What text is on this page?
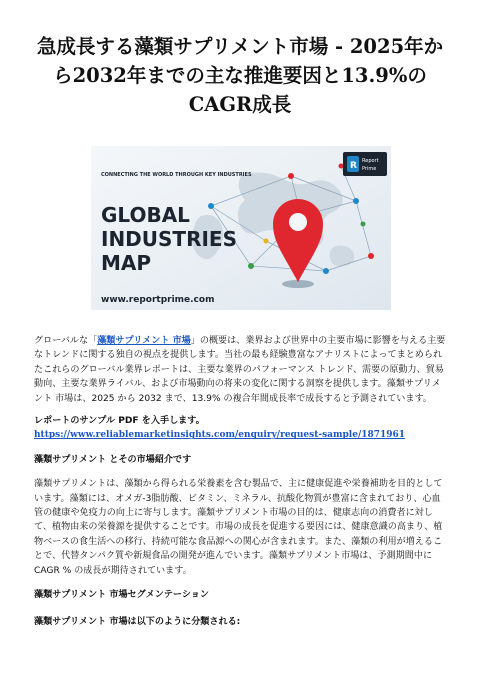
急成長する藻類サプリメント市場 - 2025年から2032年までの主な推進要因と13.9%のCAGR成長
CONNECTING THE WORLD THROUGH KEY INDUSTRIES
GLOBAL
INDUSTRIES
MAP
www.reportprime.com
R Report
Prime

グローバルな「藻類サプリメント 市場」の概要は、業界および世界中の主要市場に影響を与える主要なトレンドに関する独自の視点を提供します。当社の最も経験豊富なアナリストによってまとめられたこれらのグローバル業界レポートは、主要な業界のパフォーマンス トレンド、需要の原動力、貿易動向、主要な業界ライバル、および市場動向の将来の変化に関する洞察を提供します。藻類サプリメント 市場は、2025 から 2032 まで、13.9% の複合年間成長率で成長すると予測されています。

レポートのサンプル PDF を入手します。

https://www.reliablemarketinsights.com/enquiry/request-sample/1871961

藻類サプリメント とその市場紹介です

藻類サプリメントは、藻類から得られる栄養素を含む製品で、主に健康促進や栄養補助を目的としています。藻類には、オメガ-3脂肪酸、ビタミン、ミネラル、抗酸化物質が豊富に含まれており、心血管の健康や免疫力の向上に寄与します。藻類サプリメント市場の目的は、健康志向の消費者に対して、植物由来の栄養源を提供することです。市場の成長を促進する要因には、健康意識の高まり、植物ベースの食生活への移行、持続可能な食品源への関心が含まれます。また、藻類の利用が増えることで、代替タンパク質や新規食品の開発が進んでいます。藻類サプリメント市場は、予測期間中に CAGR % の成長が期待されています。

藻類サプリメント 市場セグメンテーション

藻類サプリメント 市場は以下のように分類される:
